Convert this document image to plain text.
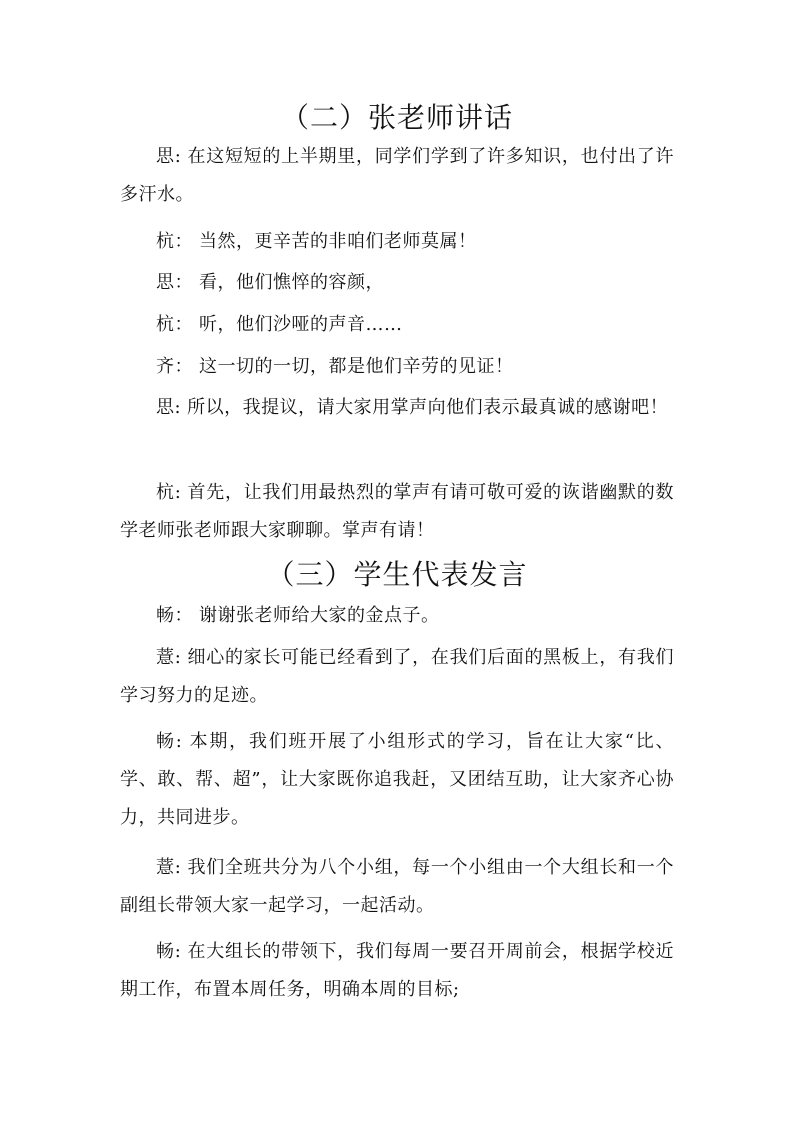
（二）张老师讲话

思: 在这短短的上半期里，同学们学到了许多知识，也付出了许多汗水。

杭： 当然，更辛苦的非咱们老师莫属！

思： 看，他们憔悴的容颜，

杭： 听，他们沙哑的声音……

齐： 这一切的一切，都是他们辛劳的见证！

思: 所以，我提议，请大家用掌声向他们表示最真诚的感谢吧！

杭: 首先，让我们用最热烈的掌声有请可敬可爱的诙谐幽默的数学老师张老师跟大家聊聊。掌声有请！

（三）学生代表发言

畅： 谢谢张老师给大家的金点子。

薏: 细心的家长可能已经看到了，在我们后面的黑板上，有我们学习努力的足迹。

畅: 本期，我们班开展了小组形式的学习，旨在让大家“比、学、敢、帮、超”，让大家既你追我赶，又团结互助，让大家齐心协力，共同进步。

薏: 我们全班共分为八个小组，每一个小组由一个大组长和一个副组长带领大家一起学习，一起活动。

畅: 在大组长的带领下，我们每周一要召开周前会，根据学校近期工作，布置本周任务，明确本周的目标;
